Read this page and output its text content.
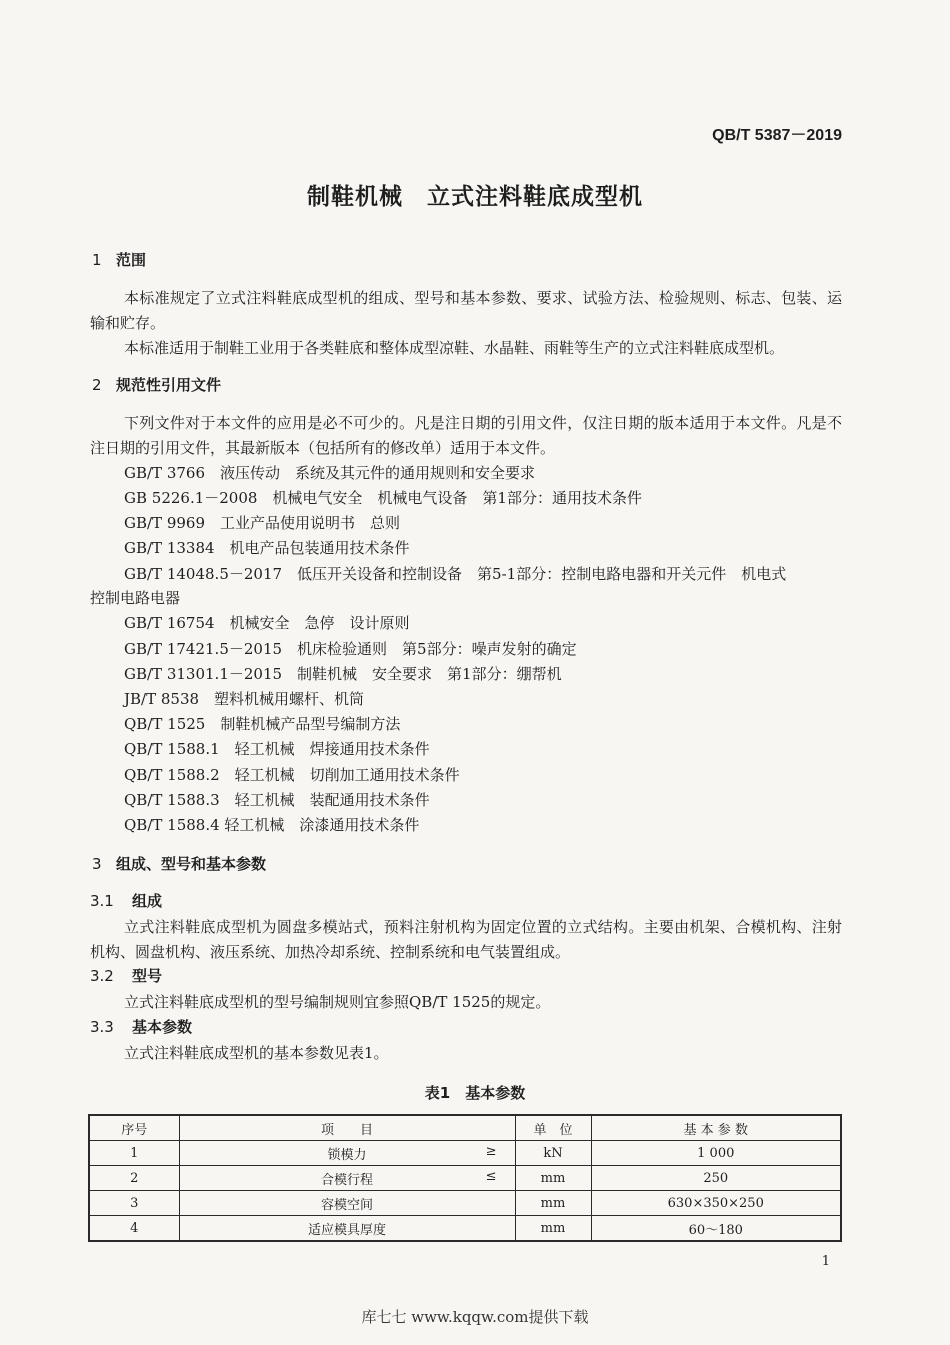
QB/T 5387－2019
制鞋机械　立式注料鞋底成型机
1 范围
本标准规定了立式注料鞋底成型机的组成、型号和基本参数、要求、试验方法、检验规则、标志、包装、运输和贮存。
本标准适用于制鞋工业用于各类鞋底和整体成型凉鞋、水晶鞋、雨鞋等生产的立式注料鞋底成型机。
2 规范性引用文件
下列文件对于本文件的应用是必不可少的。凡是注日期的引用文件，仅注日期的版本适用于本文件。凡是不注日期的引用文件，其最新版本（包括所有的修改单）适用于本文件。
GB/T 3766　液压传动　系统及其元件的通用规则和安全要求
GB 5226.1－2008　机械电气安全　机械电气设备　第1部分：通用技术条件
GB/T 9969　工业产品使用说明书　总则
GB/T 13384　机电产品包装通用技术条件
GB/T 14048.5－2017　低压开关设备和控制设备　第5-1部分：控制电路电器和开关元件　机电式
控制电路电器
GB/T 16754　机械安全　急停　设计原则
GB/T 17421.5－2015　机床检验通则　第5部分：噪声发射的确定
GB/T 31301.1－2015　制鞋机械　安全要求　第1部分：绷帮机
JB/T 8538　塑料机械用螺杆、机筒
QB/T 1525　制鞋机械产品型号编制方法
QB/T 1588.1　轻工机械　焊接通用技术条件
QB/T 1588.2　轻工机械　切削加工通用技术条件
QB/T 1588.3　轻工机械　装配通用技术条件
QB/T 1588.4 轻工机械　涂漆通用技术条件
3 组成、型号和基本参数
3.1 组成
立式注料鞋底成型机为圆盘多模站式，预料注射机构为固定位置的立式结构。主要由机架、合模机构、注射机构、圆盘机构、液压系统、加热冷却系统、控制系统和电气装置组成。
3.2 型号
立式注料鞋底成型机的型号编制规则宜参照QB/T 1525的规定。
3.3 基本参数
立式注料鞋底成型机的基本参数见表1。
表1　基本参数
序号	项　　目	单　位	基 本 参 数
1	锁模力 ≥	kN	1 000
2	合模行程 ≤	mm	250
3	容模空间	mm	630×350×250
4	适应模具厚度	mm	60～180
1
库七七 www.kqqw.com提供下载
